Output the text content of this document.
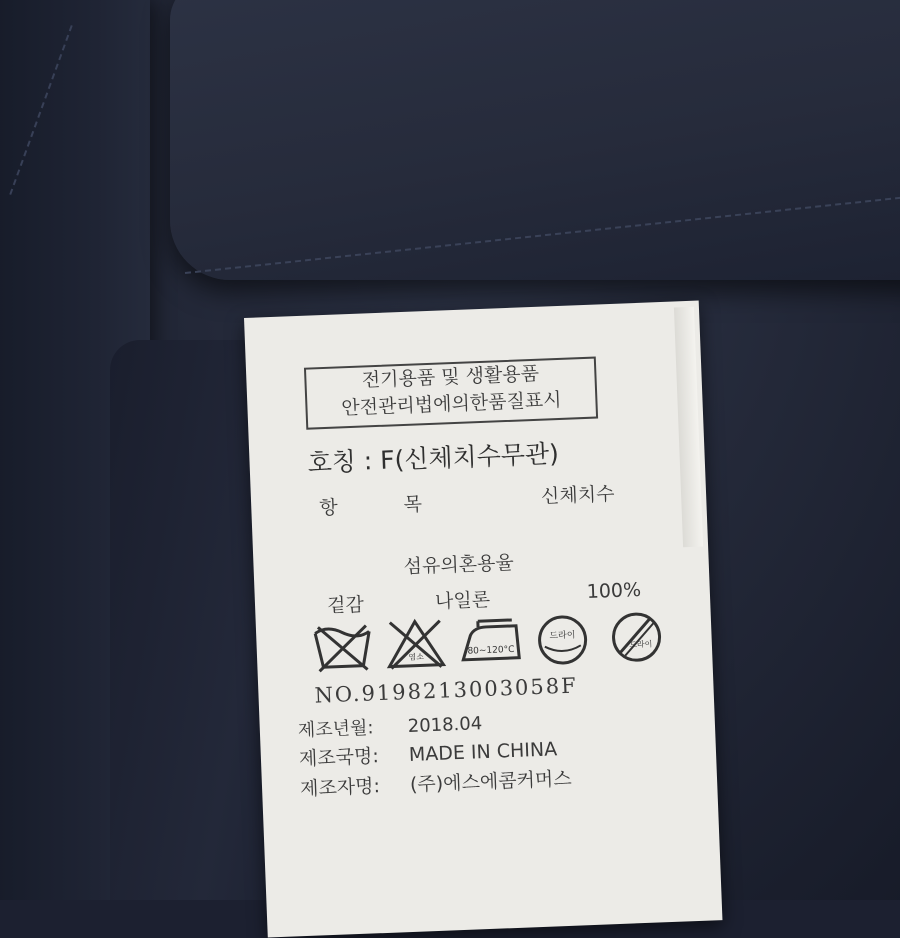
전기용품 및 생활용품
안전관리법에의한품질표시
호칭 : F(신체치수무관)
항 목	신체치수
섬유의혼용율
겉감	나일론	100%
염소
80~120°C
드라이
드라이
NO.9198213003058F
제조년월: 2018.04
제조국명: MADE IN CHINA
제조자명: (주)에스에콤커머스
